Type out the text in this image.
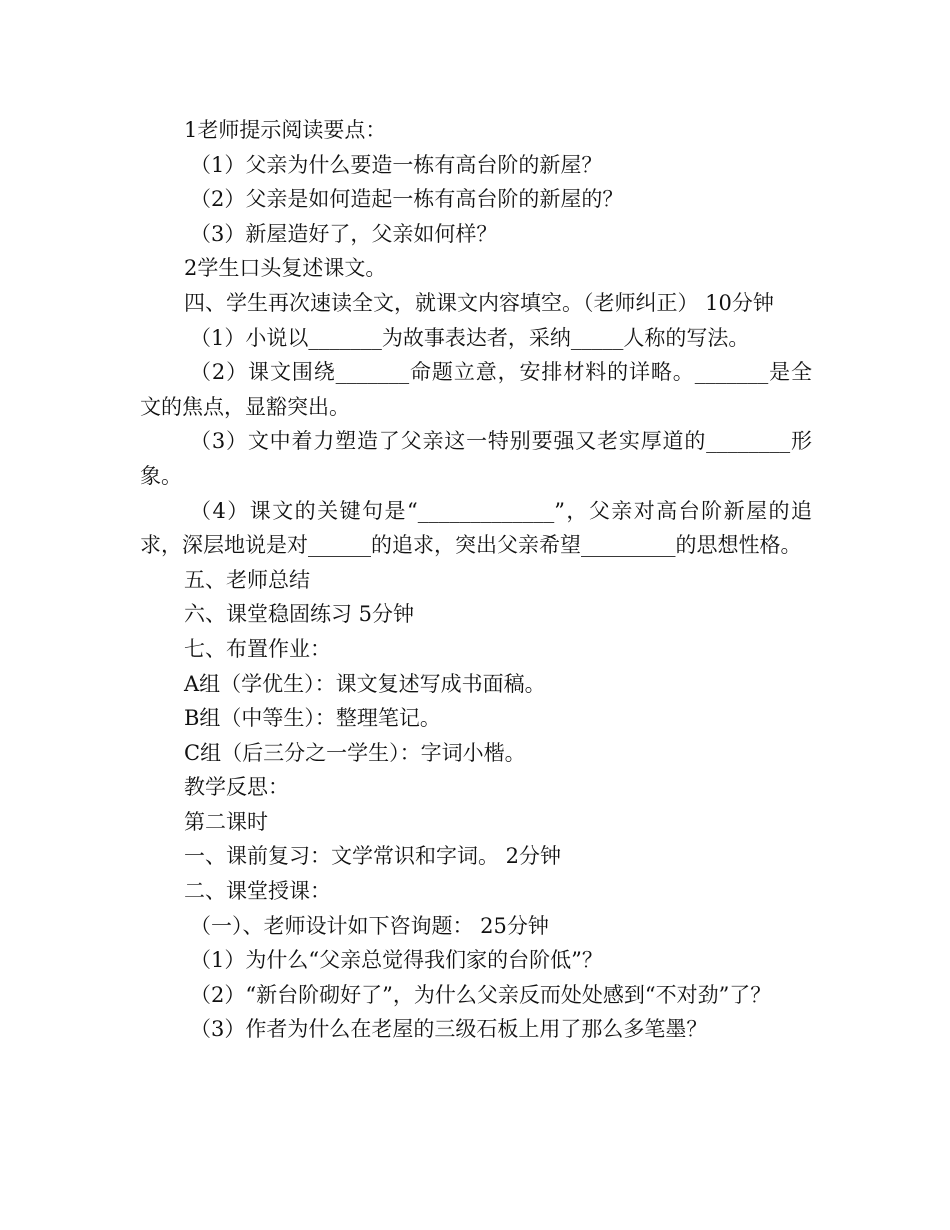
1老师提示阅读要点：
（1）父亲为什么要造一栋有高台阶的新屋？
（2）父亲是如何造起一栋有高台阶的新屋的？
（3）新屋造好了，父亲如何样？
2学生口头复述课文。
四、学生再次速读全文，就课文内容填空。（老师纠正） 10分钟
（1）小说以_______为故事表达者，采纳_____人称的写法。
（2）课文围绕_______命题立意，安排材料的详略。_______是全文的焦点，显豁突出。
（3）文中着力塑造了父亲这一特别要强又老实厚道的________形象。
（4）课文的关键句是“_____________”，父亲对高台阶新屋的追求，深层地说是对______的追求，突出父亲希望_________的思想性格。
五、老师总结
六、课堂稳固练习 5分钟
七、布置作业：
A组（学优生）：课文复述写成书面稿。
B组（中等生）：整理笔记。
C组（后三分之一学生）：字词小楷。
教学反思：
第二课时
一、课前复习：文学常识和字词。 2分钟
二、课堂授课：
（一）、老师设计如下咨询题： 25分钟
（1）为什么“父亲总觉得我们家的台阶低”？
（2）“新台阶砌好了”，为什么父亲反而处处感到“不对劲”了？
（3）作者为什么在老屋的三级石板上用了那么多笔墨？
